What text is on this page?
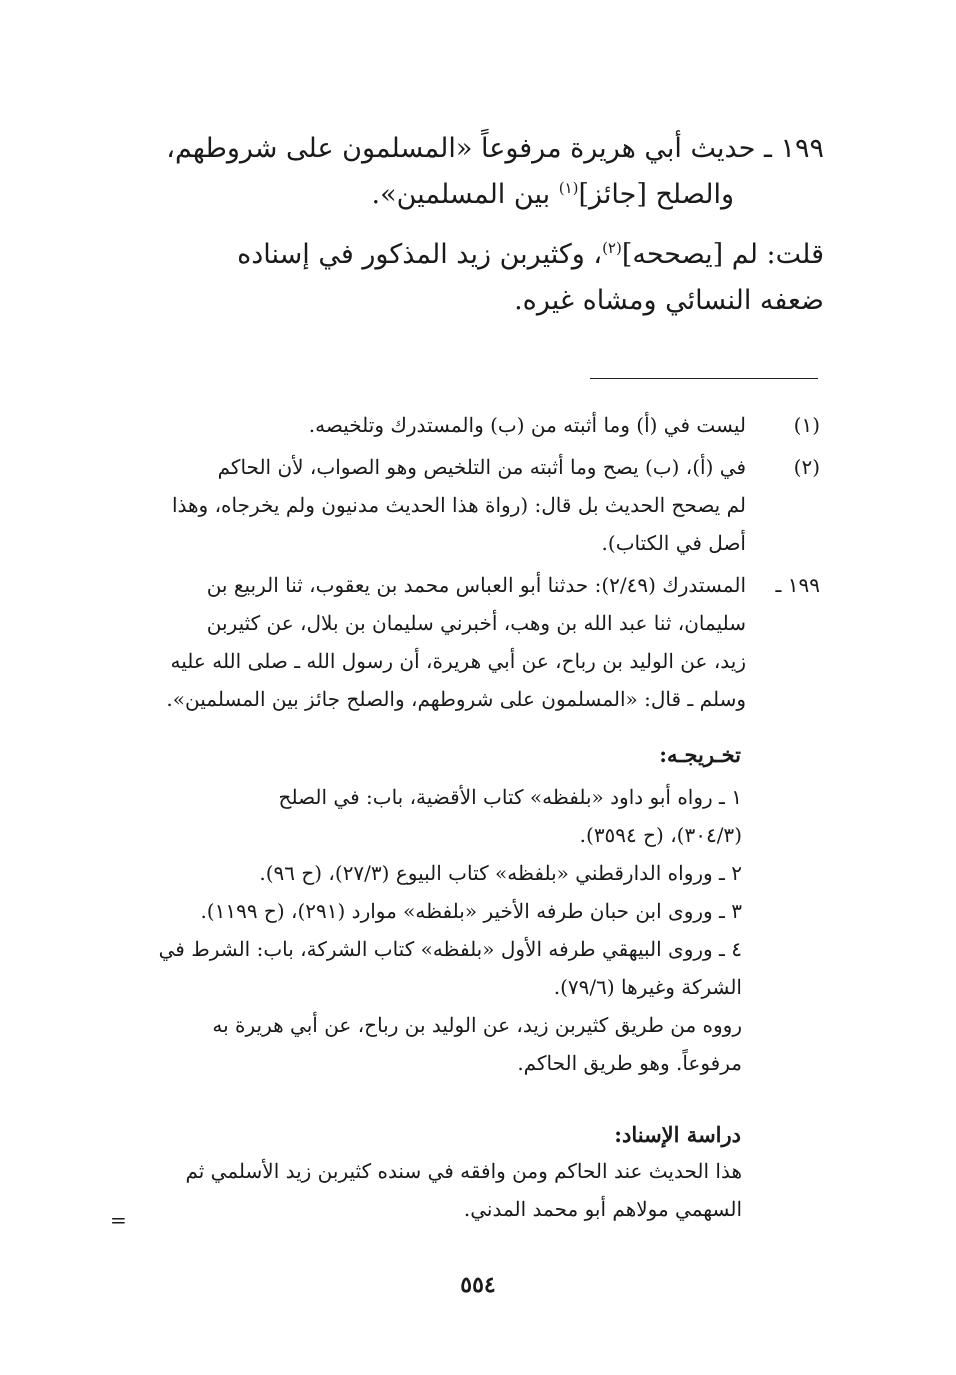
١٩٩ ـ حديث أبي هريرة مرفوعاً «المسلمون على شروطهم،
والصلح [جائز]$^{(١)}$ بين المسلمين».
قلت: لم [يصححه]$^{(٢)}$، وكثيربن زيد المذكور في إسناده
ضعفه النسائي ومشاه غيره.
(١)
ليست في (أ) وما أثبته من (ب) والمستدرك وتلخيصه.
(٢)
في (أ)، (ب) يصح وما أثبته من التلخيص وهو الصواب، لأن الحاكم
لم يصحح الحديث بل قال: (رواة هذا الحديث مدنيون ولم يخرجاه، وهذا
أصل في الكتاب).
١٩٩ ـ
المستدرك (٢/٤٩): حدثنا أبو العباس محمد بن يعقوب، ثنا الربيع بن
سليمان، ثنا عبد الله بن وهب، أخبرني سليمان بن بلال، عن كثيربن
زيد، عن الوليد بن رباح، عن أبي هريرة، أن رسول الله ـ صلى الله عليه
وسلم ـ قال: «المسلمون على شروطهم، والصلح جائز بين المسلمين».
تخـريجـه:
١ ـ رواه أبو داود «بلفظه» كتاب الأقضية، باب: في الصلح
(٣٠٤/٣)، (ح ٣٥٩٤).
٢ ـ ورواه الدارقطني «بلفظه» كتاب البيوع (٢٧/٣)، (ح ٩٦).
٣ ـ وروى ابن حبان طرفه الأخير «بلفظه» موارد (٢٩١)، (ح ١١٩٩).
٤ ـ وروى البيهقي طرفه الأول «بلفظه» كتاب الشركة، باب: الشرط في
الشركة وغيرها (٧٩/٦).
رووه من طريق كثيربن زيد، عن الوليد بن رباح، عن أبي هريرة به
مرفوعاً. وهو طريق الحاكم.
دراسة الإسناد:
هذا الحديث عند الحاكم ومن وافقه في سنده كثيربن زيد الأسلمي ثم
السهمي مولاهم أبو محمد المدني.
=
٥٥٤
